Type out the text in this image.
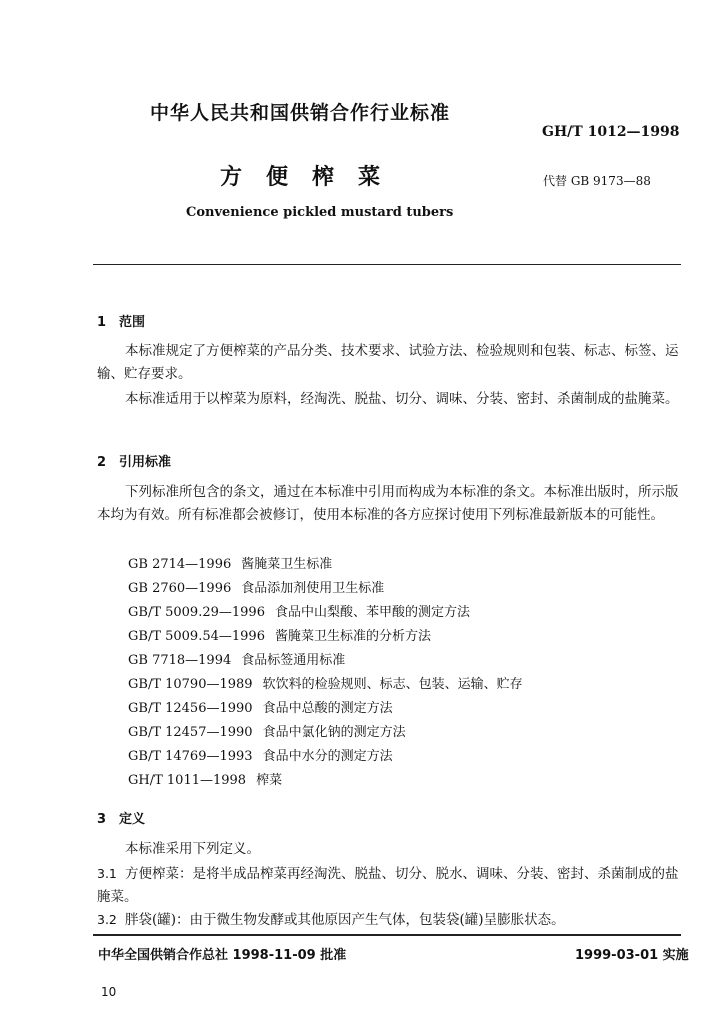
中华人民共和国供销合作行业标准
GH/T 1012—1998
方便榨菜	代替 GB 9173—88
Convenience pickled mustard tubers
1 范围
本标准规定了方便榨菜的产品分类、技术要求、试验方法、检验规则和包装、标志、标签、运输、贮存要求。
本标准适用于以榨菜为原料，经淘洗、脱盐、切分、调味、分装、密封、杀菌制成的盐腌菜。
2 引用标准
下列标准所包含的条文，通过在本标准中引用而构成为本标准的条文。本标准出版时，所示版本均为有效。所有标准都会被修订，使用本标准的各方应探讨使用下列标准最新版本的可能性。
GB 2714—1996 酱腌菜卫生标准
GB 2760—1996 食品添加剂使用卫生标准
GB/T 5009.29—1996 食品中山梨酸、苯甲酸的测定方法
GB/T 5009.54—1996 酱腌菜卫生标准的分析方法
GB 7718—1994 食品标签通用标准
GB/T 10790—1989 软饮料的检验规则、标志、包装、运输、贮存
GB/T 12456—1990 食品中总酸的测定方法
GB/T 12457—1990 食品中氯化钠的测定方法
GB/T 14769—1993 食品中水分的测定方法
GH/T 1011—1998 榨菜
3 定义
本标准采用下列定义。
3.1 方便榨菜：是将半成品榨菜再经淘洗、脱盐、切分、脱水、调味、分装、密封、杀菌制成的盐腌菜。
3.2 胖袋(罐)：由于微生物发酵或其他原因产生气体，包装袋(罐)呈膨胀状态。
中华全国供销合作总社 1998-11-09 批准	1999-03-01 实施
10
